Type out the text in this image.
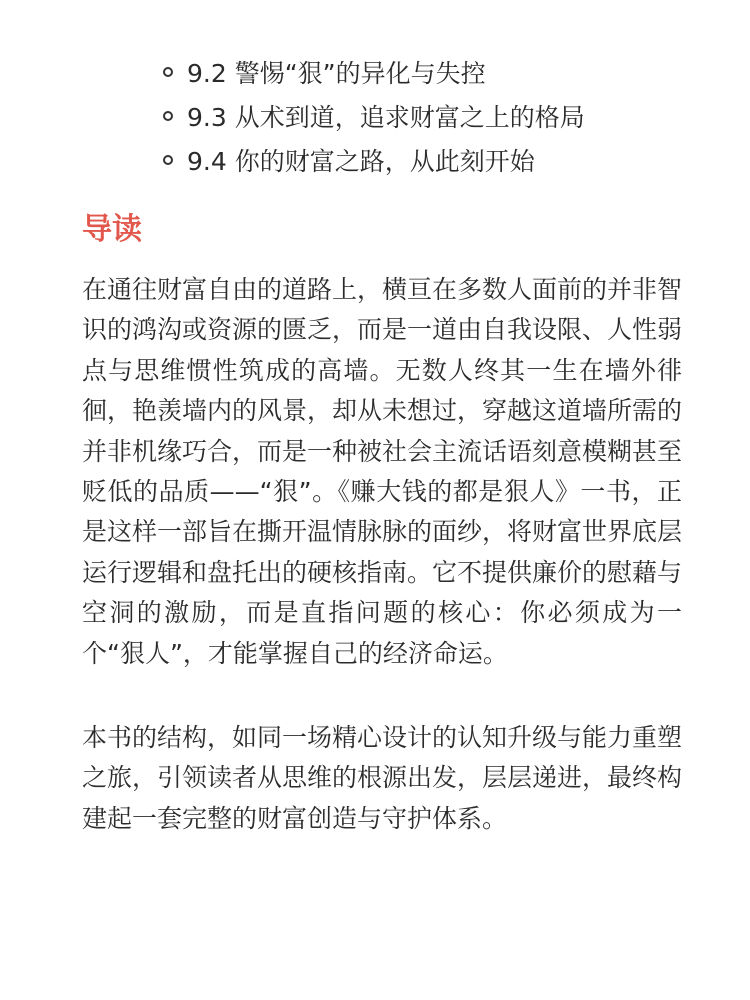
9.2 警惕“狠”的异化与失控
9.3 从术到道，追求财富之上的格局
9.4 你的财富之路，从此刻开始
导读

在通往财富自由的道路上，横亘在多数人面前的并非智识的鸿沟或资源的匮乏，而是一道由自我设限、人性弱点与思维惯性筑成的高墙。无数人终其一生在墙外徘徊，艳羡墙内的风景，却从未想过，穿越这道墙所需的并非机缘巧合，而是一种被社会主流话语刻意模糊甚至贬低的品质——“狠”。《赚大钱的都是狠人》一书，正是这样一部旨在撕开温情脉脉的面纱，将财富世界底层运行逻辑和盘托出的硬核指南。它不提供廉价的慰藉与空洞的激励，而是直指问题的核心：你必须成为一个“狠人”，才能掌握自己的经济命运。

本书的结构，如同一场精心设计的认知升级与能力重塑之旅，引领读者从思维的根源出发，层层递进，最终构建起一套完整的财富创造与守护体系。
